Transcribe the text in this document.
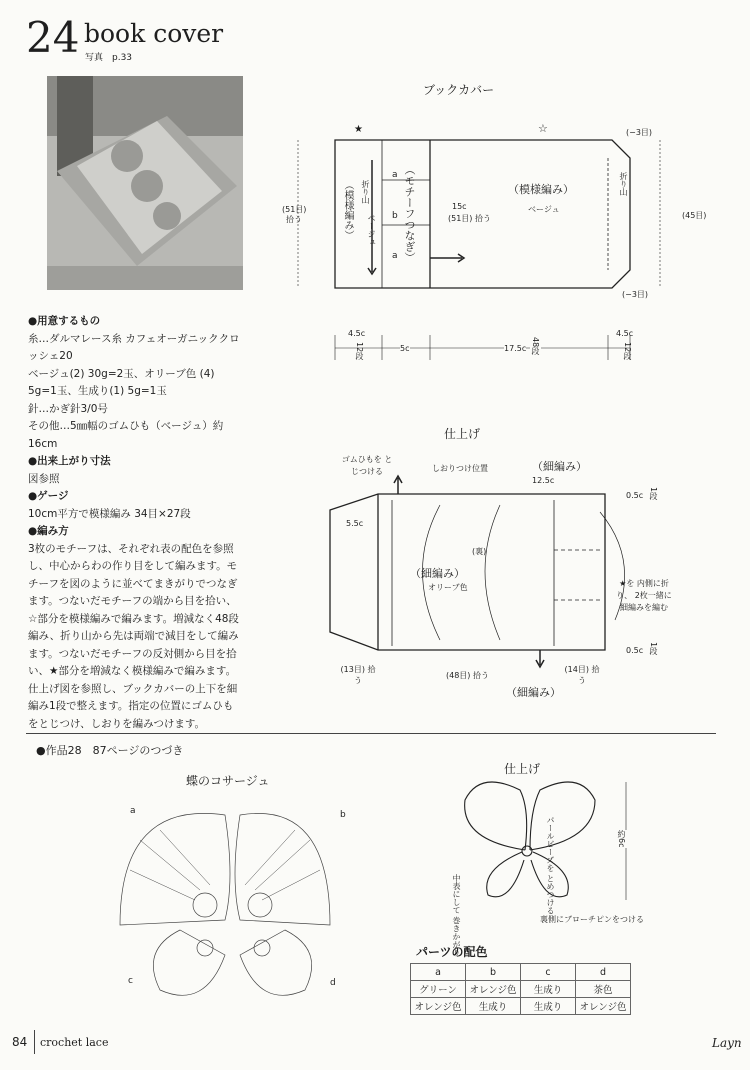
24 book cover
写真　p.33
●用意するもの
糸…ダルマレース糸 カフェオーガニッククロッシェ20
ベージュ(2) 30g=2玉、オリーブ色 (4) 5g=1玉、生成り(1) 5g=1玉
針…かぎ針3/0号
その他…5㎜幅のゴムひも（ベージュ）約16cm
●出来上がり寸法
図参照
●ゲージ
10cm平方で模様編み 34目×27段
●編み方
3枚のモチーフは、それぞれ表の配色を参照し、中心からわの作り目をして編みます。モチーフを図のように並べてまきがりでつなぎます。つないだモチーフの端から目を拾い、☆部分を模様編みで編みます。増減なく48段編み、折り山から先は両端で減目をして編みます。つないだモチーフの反対側から目を拾い、★部分を増減なく模様編みで編みます。仕上げ図を参照し、ブックカバーの上下を細編み1段で整えます。指定の位置にゴムひもをとじつけ、しおりを編みつけます。
ブックカバー
★	☆	(−3目)
(−3目)
(51目)
拾う	(45目)
（模様編み） ベージュ
折り山	（モチーフつなぎ）
a
b
a
15c
(51目) 拾う
（模様編み）
ベージュ
折り山
4.5c
12段	5c	17.5c 48段
4.5c
12段
仕上げ
ゴムひもを とじつける	しおりつけ位置	（細編み）
12.5c
5.5c
(裏)
（細編み）
オリーブ色	★を 内側に折り、 2枚一緒に 細編みを編む
0.5c 1段
0.5c 1段
(13目) 拾う
(48目) 拾う
(14目) 拾う
（細編み）
●作品28　87ページのつづき
蝶のコサージュ
a	b
c	d
仕上げ
パールビーズを とめつける
中表にして 巻きかがり	裏側にブローチピンをつける
約6c
パーツの配色
a	b	c	d
グリーン	オレンジ色	生成り	茶色
オレンジ色	生成り	生成り	オレンジ色
84 crochet lace	Layn
